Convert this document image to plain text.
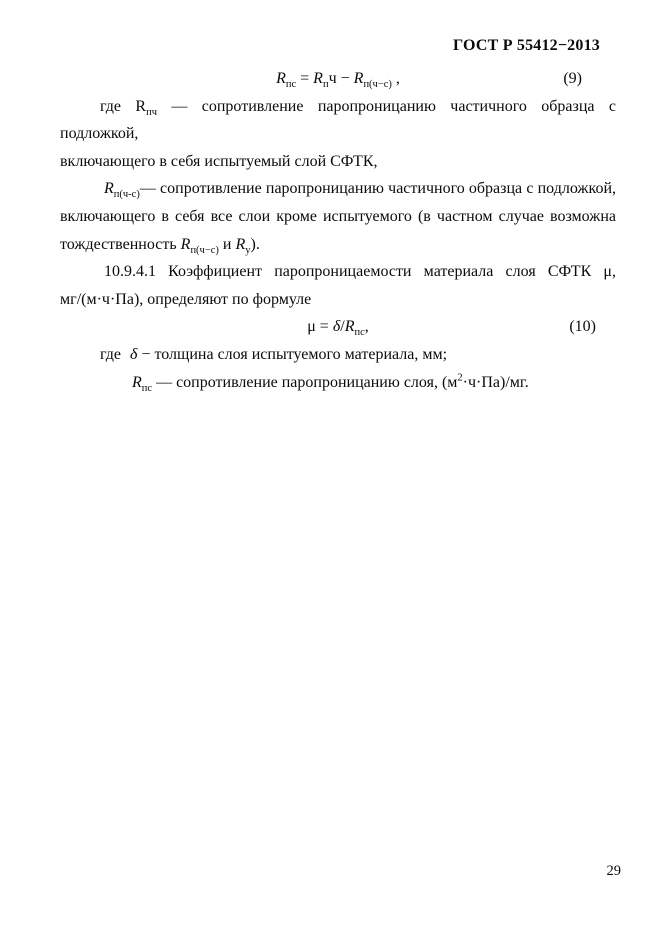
ГОСТ Р 55412−2013
$R_{пс} = R_пч - R_{п(ч-с)}$ ,	(9)
где $R_{пч}$ — сопротивление паропроницанию частичного образца с подложкой,
включающего в себя испытуемый слой СФТК,
$R_{п(ч-с)}—$ сопротивление паропроницанию частичного образца с подложкой,
включающего в себя все слои кроме испытуемого (в частном случае возможна
тождественность $R_{п(ч-с)}$ и $R_у$).
10.9.4.1 Коэффициент паропроницаемости материала слоя СФТК μ,
мг/(м·ч·Па), определяют по формуле
$\mu = \delta/R_{пс}$,	(10)
где δ − толщина слоя испытуемого материала, мм;
$R_{пс}$ — сопротивление паропроницанию слоя, $(м^2\cdot ч\cdot Па)/мг$.
29
